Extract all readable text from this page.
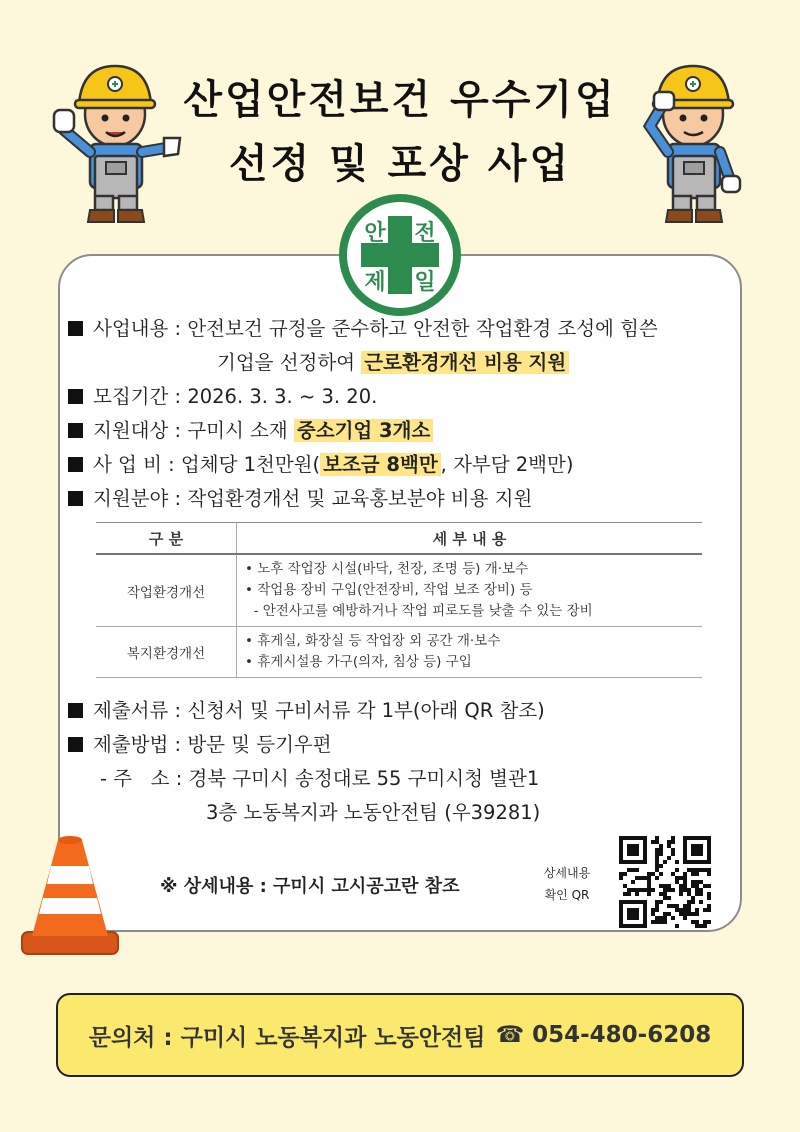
산업안전보건 우수기업
선정 및 포상 사업
안 전
제 일
사업내용 : 안전보건 규정을 준수하고 안전한 작업환경 조성에 힘쓴
기업을 선정하여 근로환경개선 비용 지원
모집기간 : 2026. 3. 3. ~ 3. 20.
지원대상 : 구미시 소재 중소기업 3개소
사 업 비 : 업체당 1천만원( 보조금 8백만 , 자부담 2백만)
지원분야 : 작업환경개선 및 교육홍보분야 비용 지원
구 분	세 부 내 용
작업환경개선	• 노후 작업장 시설(바닥, 천장, 조명 등) 개·보수
• 작업용 장비 구입(안전장비, 작업 보조 장비) 등
- 안전사고를 예방하거나 작업 피로도를 낮출 수 있는 장비

복지환경개선	• 휴게실, 화장실 등 작업장 외 공간 개·보수
• 휴게시설용 가구(의자, 침상 등) 구입
제출서류 : 신청서 및 구비서류 각 1부(아래 QR 참조)
제출방법 : 방문 및 등기우편
- 주   소 : 경북 구미시 송정대로 55 구미시청 별관1
3층 노동복지과 노동안전팀 (우39281)
※ 상세내용 : 구미시 고시공고란 참조
상세내용
확인 QR
문의처 : 구미시 노동복지과 노동안전팀 ☎ 054-480-6208
